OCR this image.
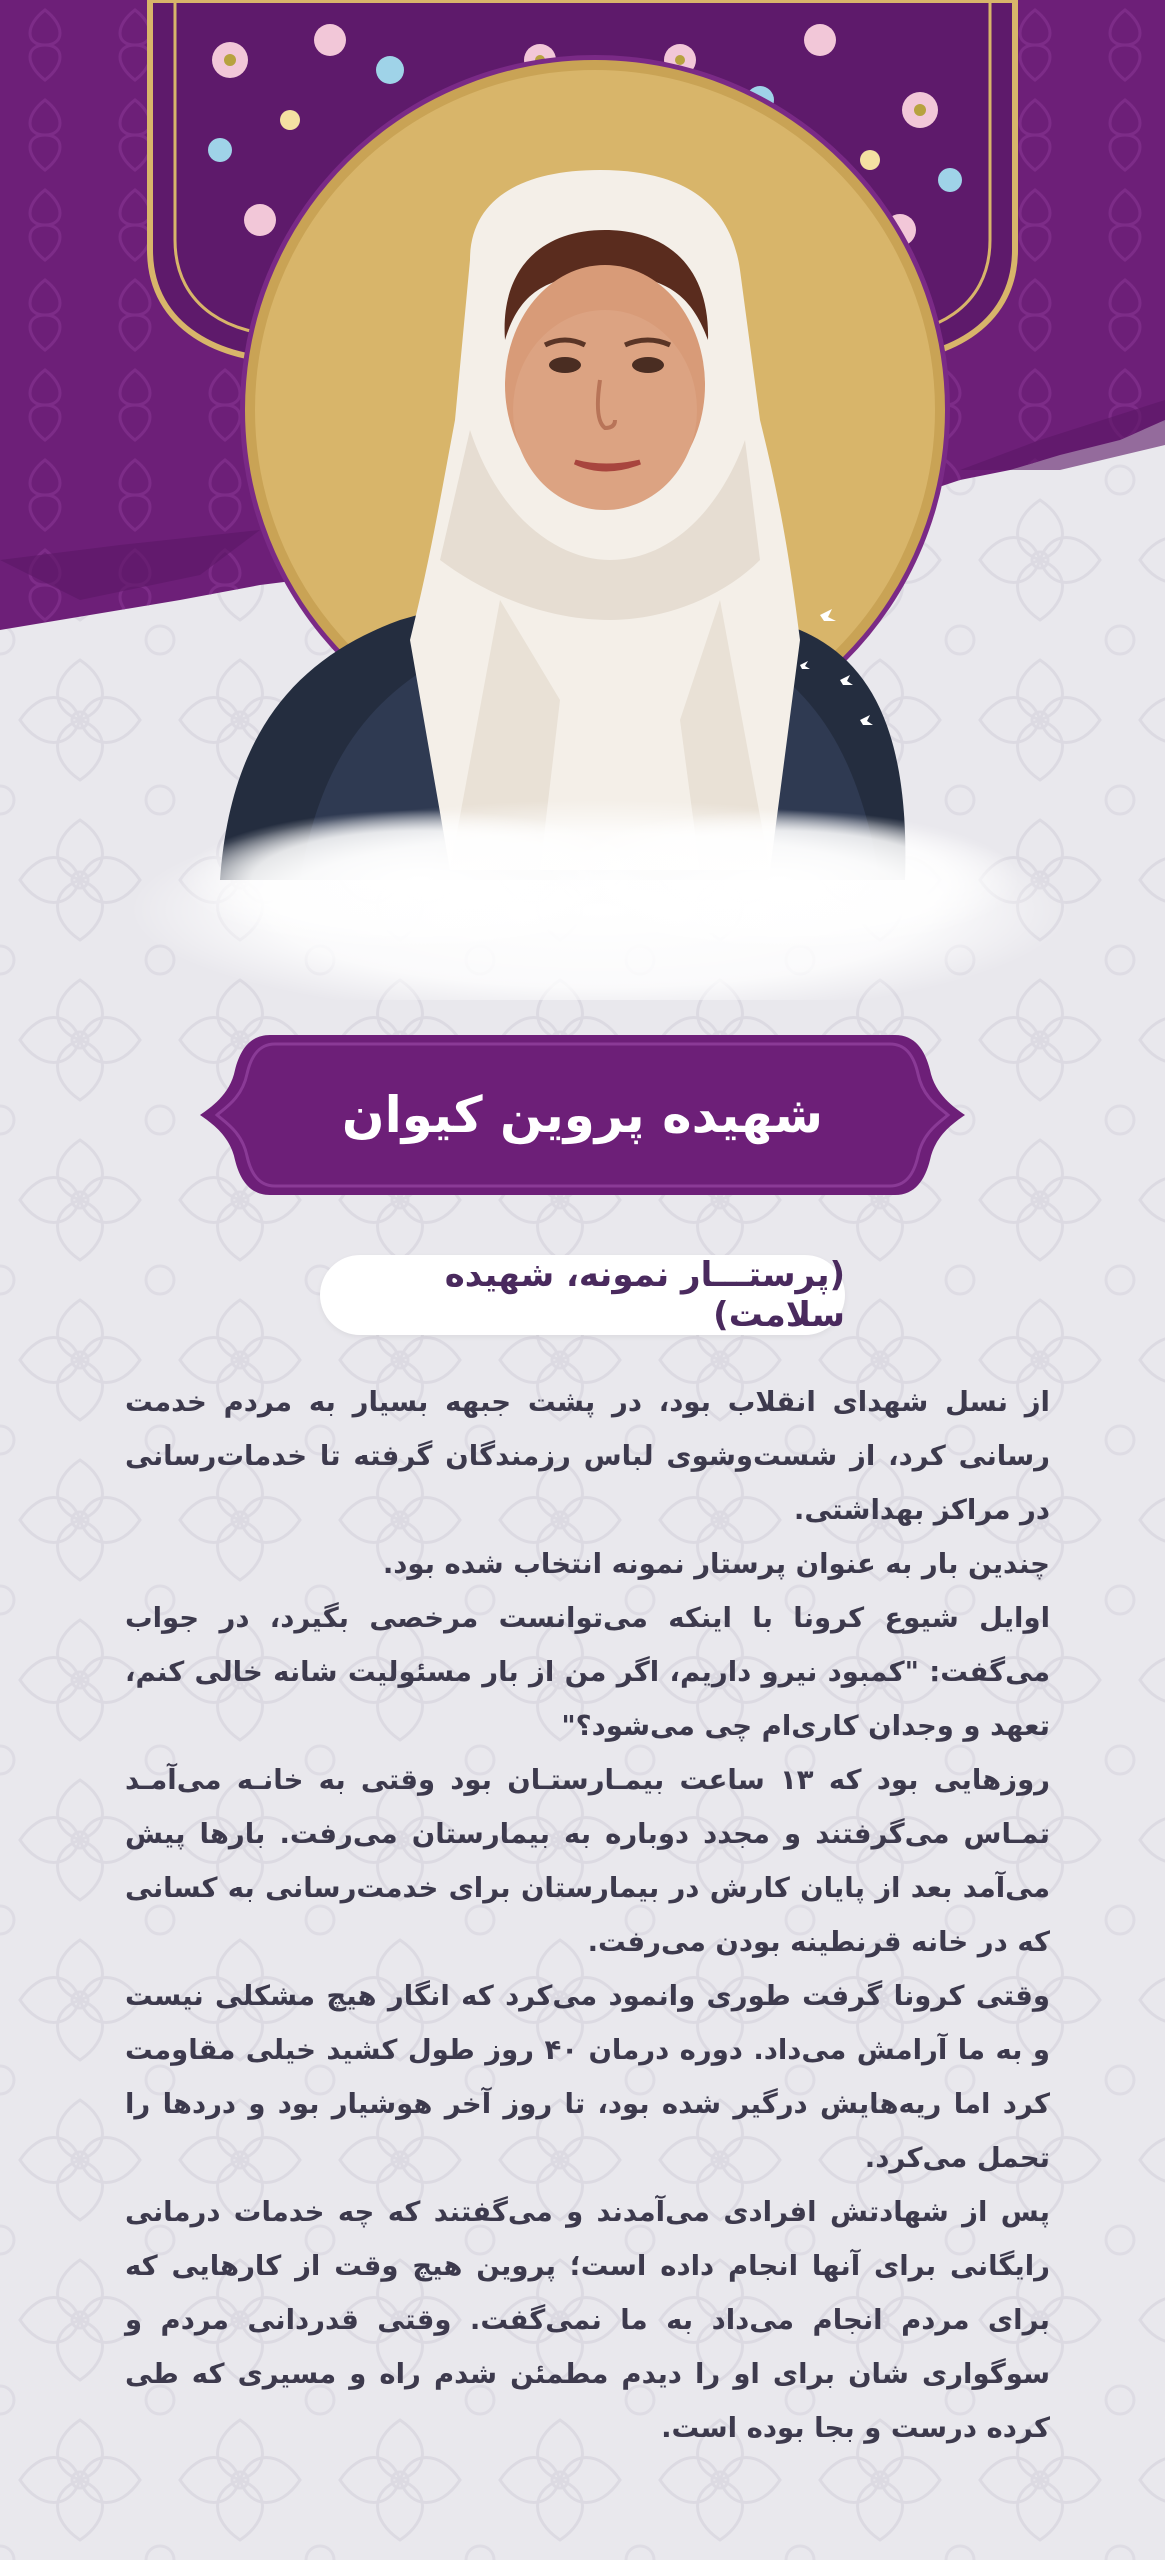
شهیده پروین کیوان
(پرستـــار نمونه، شهیده سلامت)

از نسل شهدای انقلاب بود، در پشت جبهه بسیار به مردم خدمت رسانی کرد، از شست‌وشوی لباس رزمندگان گرفته تا خدمات‌رسانی در مراکز بهداشتی.

چندین بار به عنوان پرستار نمونه انتخاب شده بود.

اوایل شیوع کرونا با اینکه می‌توانست مرخصی بگیرد، در جواب می‌گفت: "کمبود نیرو داریم، اگر من از بار مسئولیت شانه خالی کنم، تعهد و وجدان کاری‌ام چی می‌شود؟"

روزهایی بود که ۱۳ ساعت بیمـارستـان بود وقتی به خانـه می‌آمـد تمـاس می‌گرفتند و مجدد دوباره به بیمارستان می‌رفت. بارها پیش می‌آمد بعد از پایان کارش در بیمارستان برای خدمت‌رسانی به کسانی که در خانه قرنطینه بودن می‌رفت.

وقتی کرونا گرفت طوری وانمود می‌کرد که انگار هیچ مشکلی نیست و به ما آرامش می‌داد. دوره درمان ۴۰ روز طول کشید خیلی مقاومت کرد اما ریه‌هایش درگیر شده بود، تا روز آخر هوشیار بود و دردها را تحمل می‌کرد.

پس از شهادتش افرادی می‌آمدند و می‌گفتند که چه خدمات درمانی رایگانی برای آنها انجام داده است؛ پروین هیچ وقت از کارهایی که برای مردم انجام می‌داد به ما نمی‌گفت. وقتی قدردانی مردم و سوگواری شان برای او را دیدم مطمئن شدم راه و مسیری که طی کرده درست و بجا بوده است.
